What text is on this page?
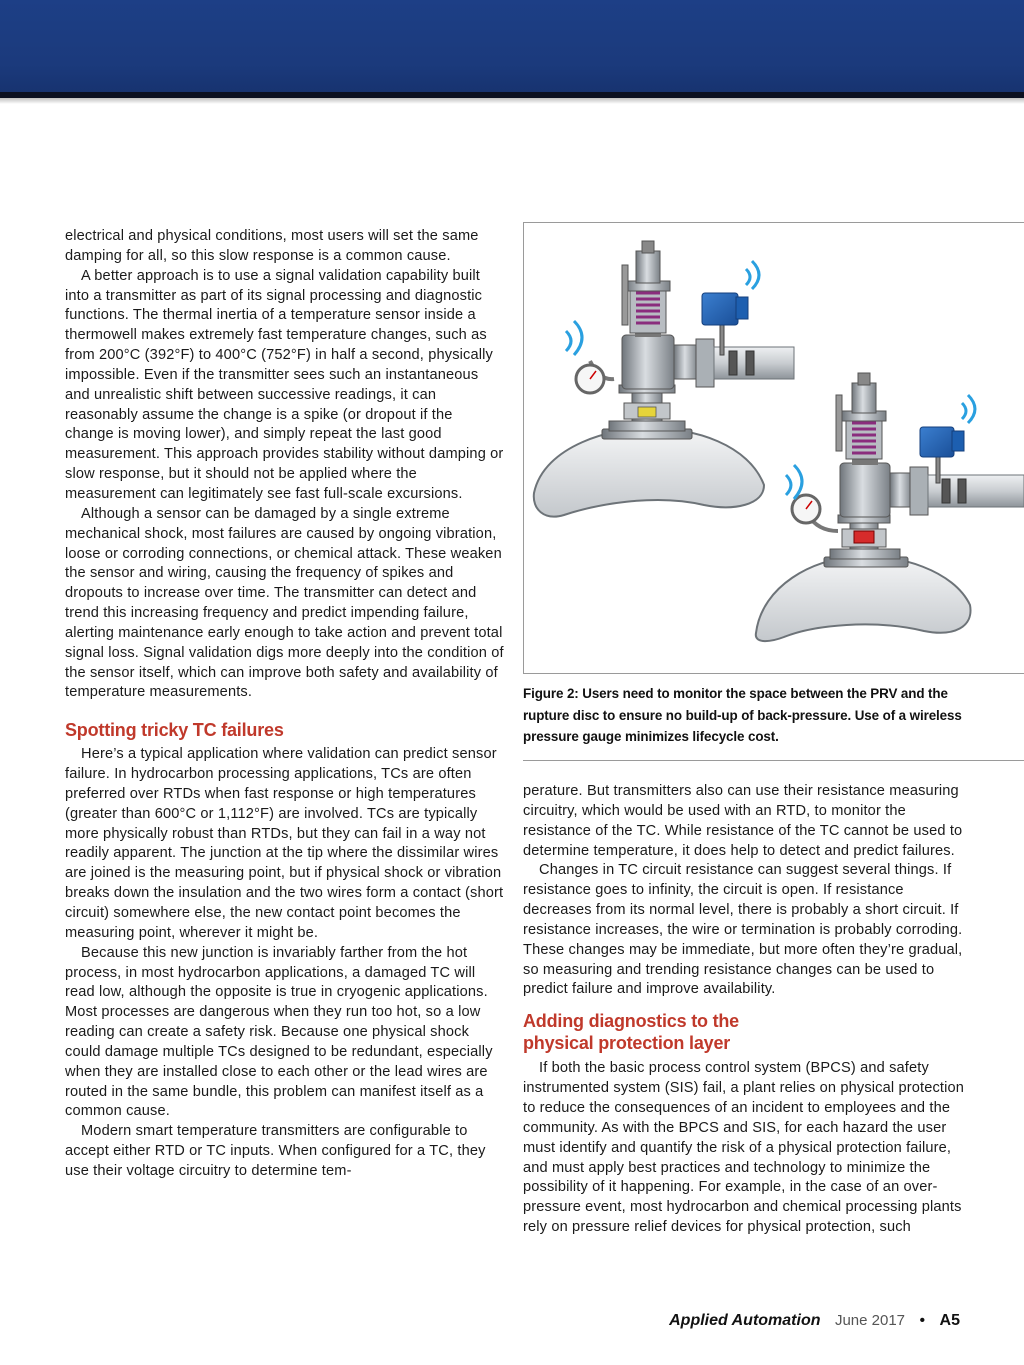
electrical and physical conditions, most users will set the same damping for all, so this slow response is a common cause.

A better approach is to use a signal validation capability built into a transmitter as part of its signal processing and diagnostic functions. The thermal inertia of a temperature sensor inside a thermowell makes extremely fast temperature changes, such as from 200°C (392°F) to 400°C (752°F) in half a second, physically impossible. Even if the transmitter sees such an instantaneous and unrealistic shift between successive readings, it can reasonably assume the change is a spike (or dropout if the change is moving lower), and simply repeat the last good measurement. This approach provides stability without damping or slow response, but it should not be applied where the measurement can legitimately see fast full-scale excursions.

Although a sensor can be damaged by a single extreme mechanical shock, most failures are caused by ongoing vibration, loose or corroding connections, or chemical attack. These weaken the sensor and wiring, causing the frequency of spikes and dropouts to increase over time. The transmitter can detect and trend this increasing frequency and predict impending failure, alerting maintenance early enough to take action and prevent total signal loss. Signal validation digs more deeply into the condition of the sensor itself, which can improve both safety and availability of temperature measurements.

Spotting tricky TC failures

Here’s a typical application where validation can predict sensor failure. In hydrocarbon processing applications, TCs are often preferred over RTDs when fast response or high temperatures (greater than 600°C or 1,112°F) are involved. TCs are typically more physically robust than RTDs, but they can fail in a way not readily apparent. The junction at the tip where the dissimilar wires are joined is the measuring point, but if physical shock or vibration breaks down the insulation and the two wires form a contact (short circuit) somewhere else, the new contact point becomes the measuring point, wherever it might be.

Because this new junction is invariably farther from the hot process, in most hydrocarbon applications, a damaged TC will read low, although the opposite is true in cryogenic applications. Most processes are dangerous when they run too hot, so a low reading can create a safety risk. Because one physical shock could damage multiple TCs designed to be redundant, especially when they are installed close to each other or the lead wires are routed in the same bundle, this problem can manifest itself as a common cause.

Modern smart temperature transmitters are configurable to accept either RTD or TC inputs. When configured for a TC, they use their voltage circuitry to determine tem-

Figure 2: Users need to monitor the space between the PRV and the rupture disc to ensure no build-up of back-pressure. Use of a wireless pressure gauge minimizes lifecycle cost.

perature. But transmitters also can use their resistance measuring circuitry, which would be used with an RTD, to monitor the resistance of the TC. While resistance of the TC cannot be used to determine temperature, it does help to detect and predict failures.

Changes in TC circuit resistance can suggest several things. If resistance goes to infinity, the circuit is open. If resistance decreases from its normal level, there is probably a short circuit. If resistance increases, the wire or termination is probably corroding. These changes may be immediate, but more often they’re gradual, so measuring and trending resistance changes can be used to predict failure and improve availability.

Adding diagnostics to the
physical protection layer

If both the basic process control system (BPCS) and safety instrumented system (SIS) fail, a plant relies on physical protection to reduce the consequences of an incident to employees and the community. As with the BPCS and SIS, for each hazard the user must identify and quantify the risk of a physical protection failure, and must apply best practices and technology to minimize the possibility of it happening. For example, in the case of an over-pressure event, most hydrocarbon and chemical processing plants rely on pressure relief devices for physical protection, such

Applied Automation June 2017 • A5
